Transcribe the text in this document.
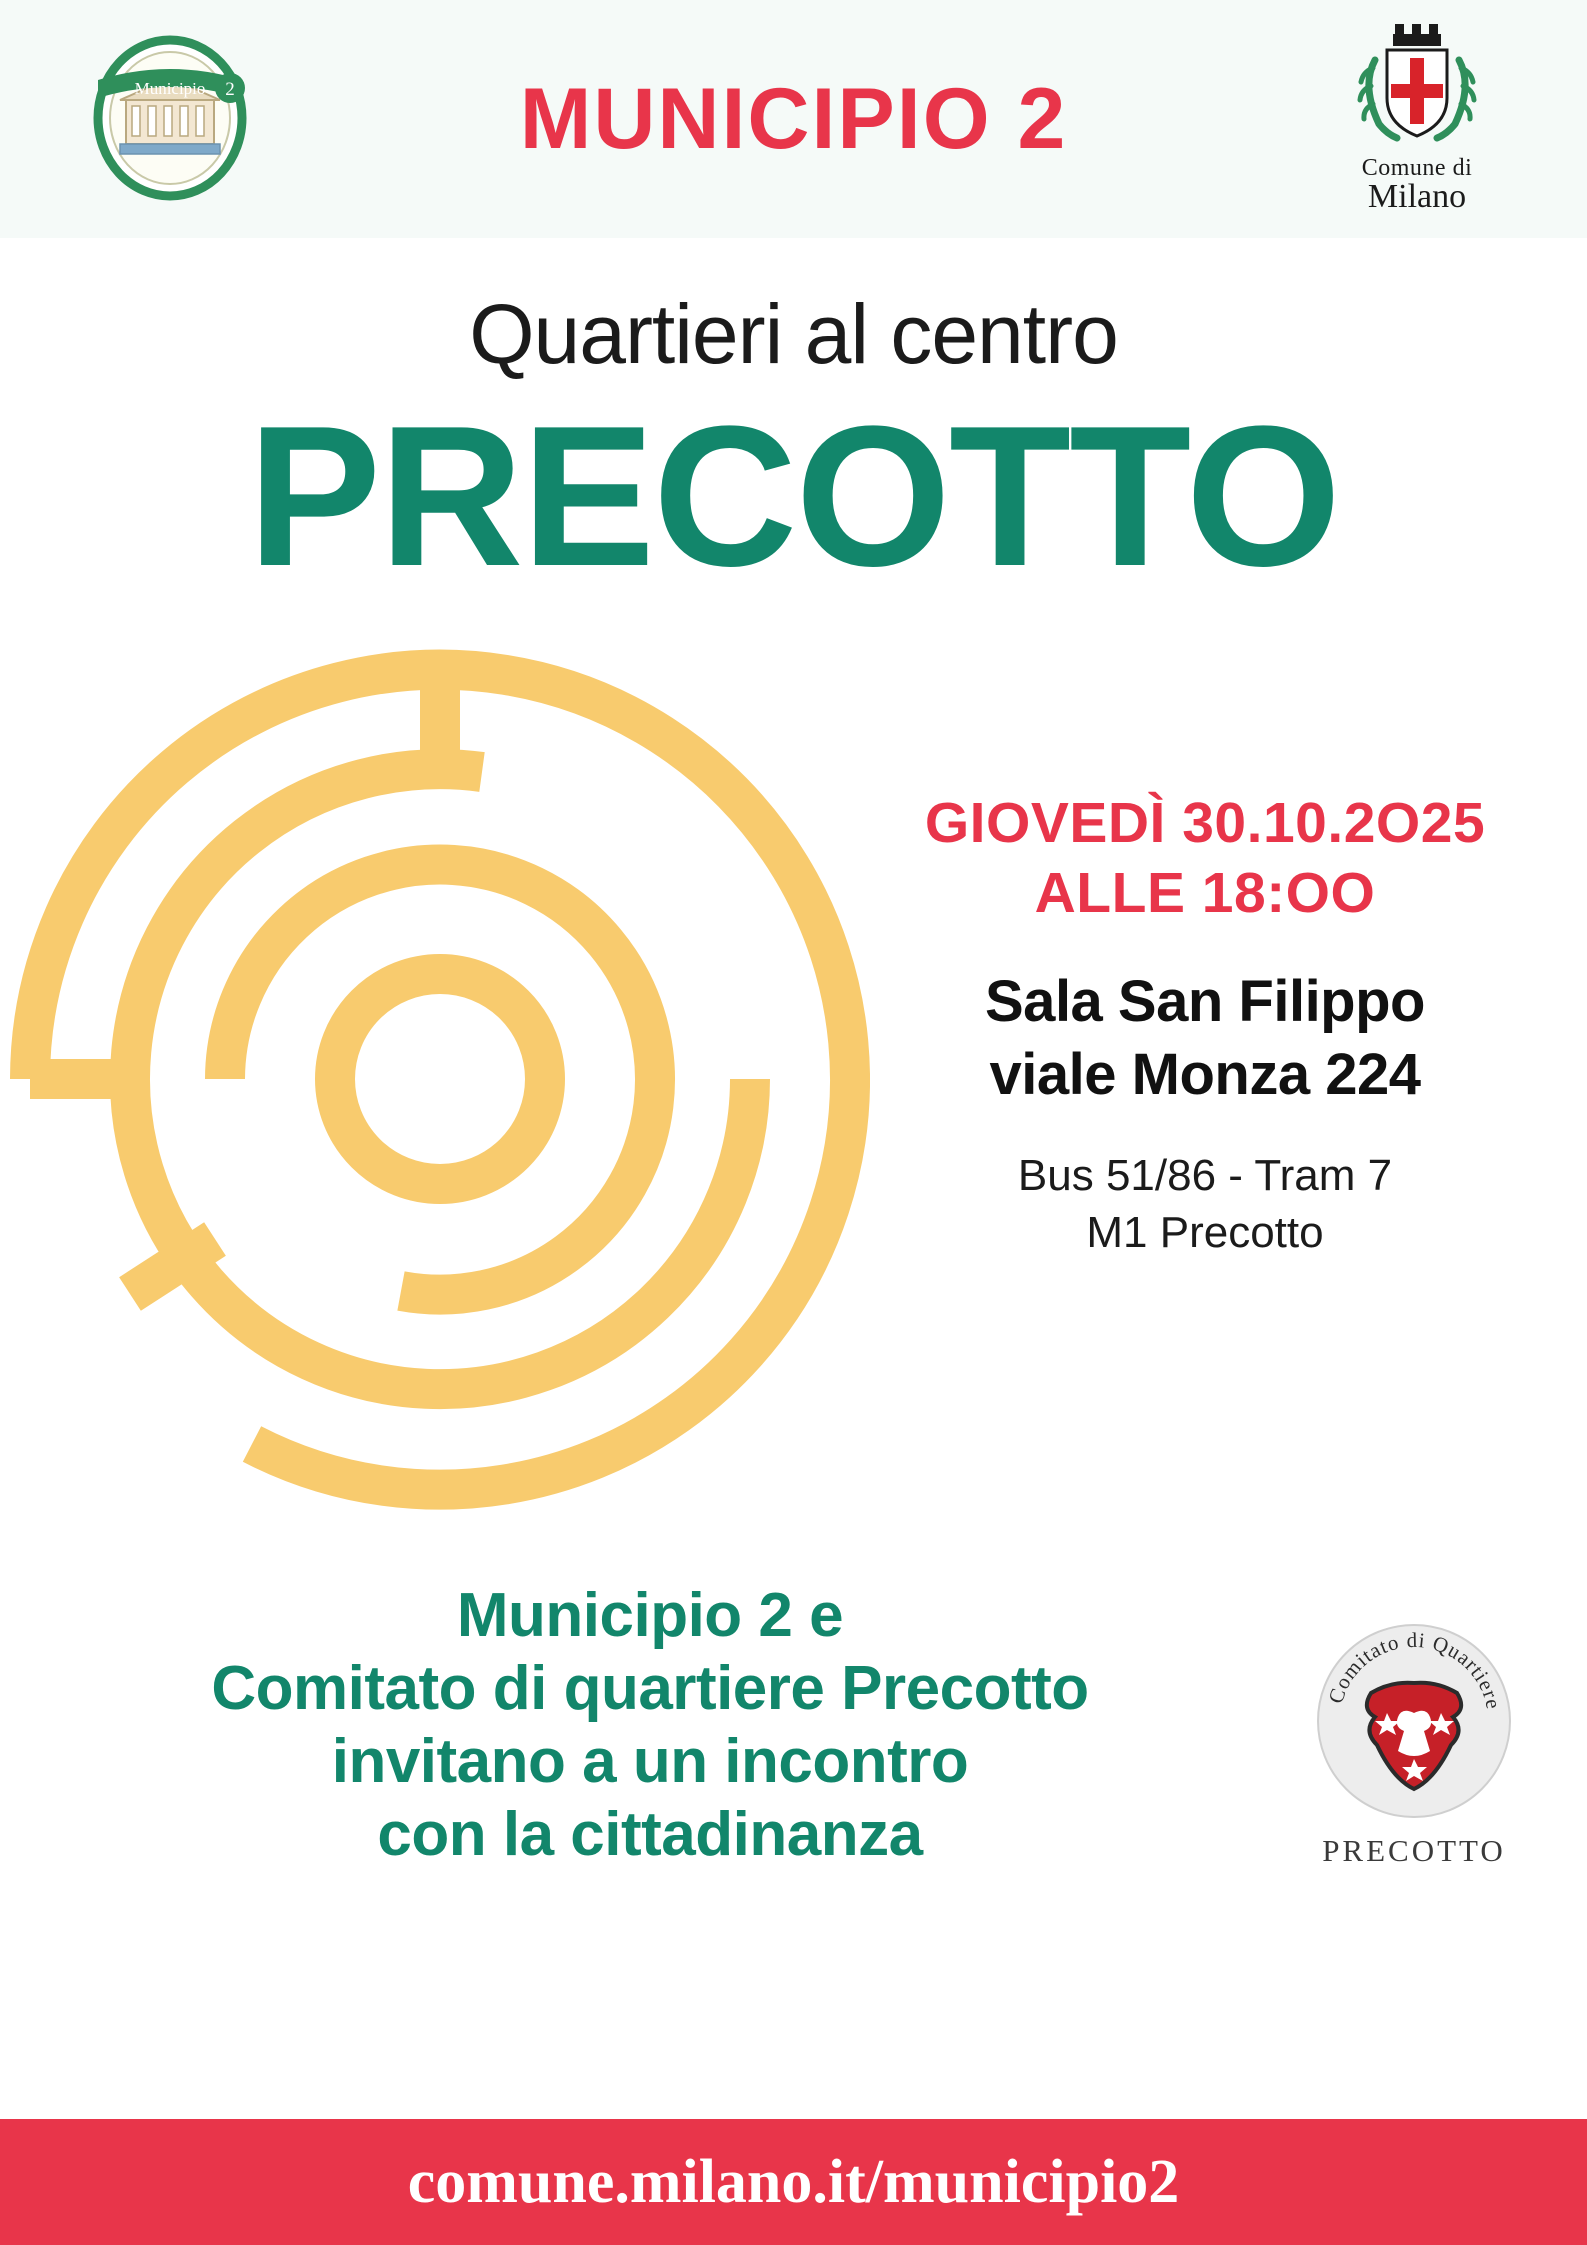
Municipio 2	MUNICIPIO 2
Comune di
Milano
Quartieri al centro
PRECOTTO
GIOVEDÌ 30.10.2O25
ALLE 18:OO
Sala San Filippo
viale Monza 224
Bus 51/86 - Tram 7
M1 Precotto
Municipio 2 e
Comitato di quartiere Precotto
invitano a un incontro
con la cittadinanza
Comitato di Quartiere
PRECOTTO
comune.milano.it/municipio2
